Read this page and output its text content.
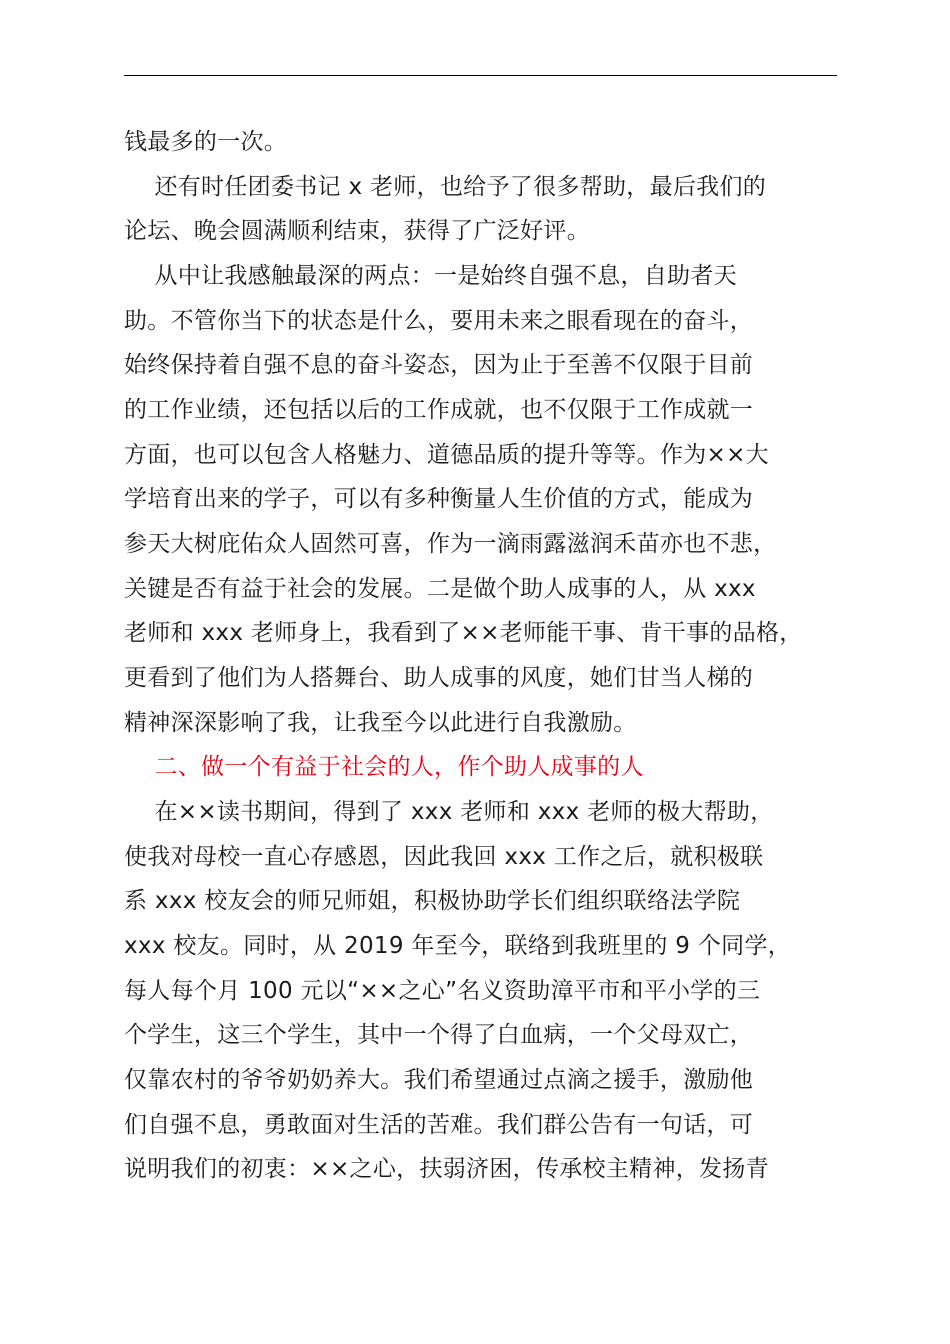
钱最多的一次。
还有时任团委书记 x 老师，也给予了很多帮助，最后我们的
论坛、晚会圆满顺利结束，获得了广泛好评。
从中让我感触最深的两点：一是始终自强不息，自助者天
助。不管你当下的状态是什么，要用未来之眼看现在的奋斗，
始终保持着自强不息的奋斗姿态，因为止于至善不仅限于目前
的工作业绩，还包括以后的工作成就，也不仅限于工作成就一
方面，也可以包含人格魅力、道德品质的提升等等。作为××大
学培育出来的学子，可以有多种衡量人生价值的方式，能成为
参天大树庇佑众人固然可喜，作为一滴雨露滋润禾苗亦也不悲，
关键是否有益于社会的发展。二是做个助人成事的人，从 xxx
老师和 xxx 老师身上，我看到了××老师能干事、肯干事的品格，
更看到了他们为人搭舞台、助人成事的风度，她们甘当人梯的
精神深深影响了我，让我至今以此进行自我激励。
二、做一个有益于社会的人，作个助人成事的人
在××读书期间，得到了 xxx 老师和 xxx 老师的极大帮助，
使我对母校一直心存感恩，因此我回 xxx 工作之后，就积极联
系 xxx 校友会的师兄师姐，积极协助学长们组织联络法学院
xxx 校友。同时，从 2019 年至今，联络到我班里的 9 个同学，
每人每个月 100 元以“××之心”名义资助漳平市和平小学的三
个学生，这三个学生，其中一个得了白血病，一个父母双亡，
仅靠农村的爷爷奶奶养大。我们希望通过点滴之援手，激励他
们自强不息，勇敢面对生活的苦难。我们群公告有一句话，可
说明我们的初衷：××之心，扶弱济困，传承校主精神，发扬青
